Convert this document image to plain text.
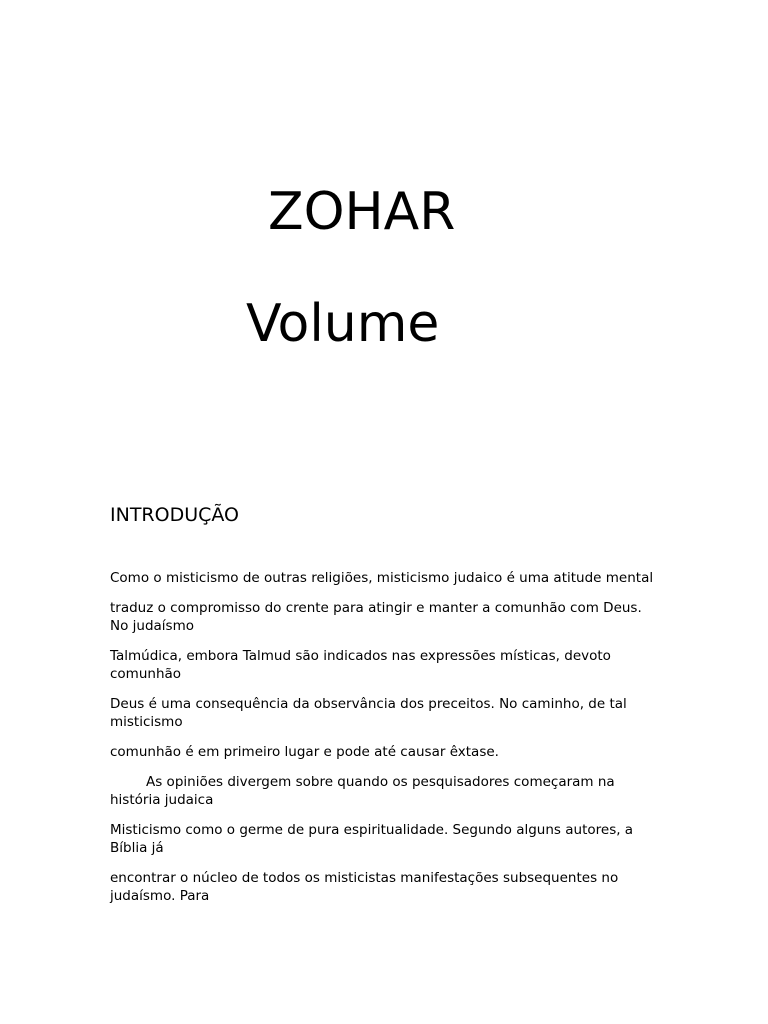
ZOHAR
Volume
INTRODUÇÃO

Como o misticismo de outras religiões, misticismo judaico é uma atitude mental

traduz o compromisso do crente para atingir e manter a comunhão com Deus. No judaísmo

Talmúdica, embora Talmud são indicados nas expressões místicas, devoto comunhão

Deus é uma consequência da observância dos preceitos. No caminho, de tal misticismo

comunhão é em primeiro lugar e pode até causar êxtase.

As opiniões divergem sobre quando os pesquisadores começaram na história judaica

Misticismo como o germe de pura espiritualidade. Segundo alguns autores, a Bíblia já

encontrar o núcleo de todos os misticistas manifestações subsequentes no judaísmo. Para
